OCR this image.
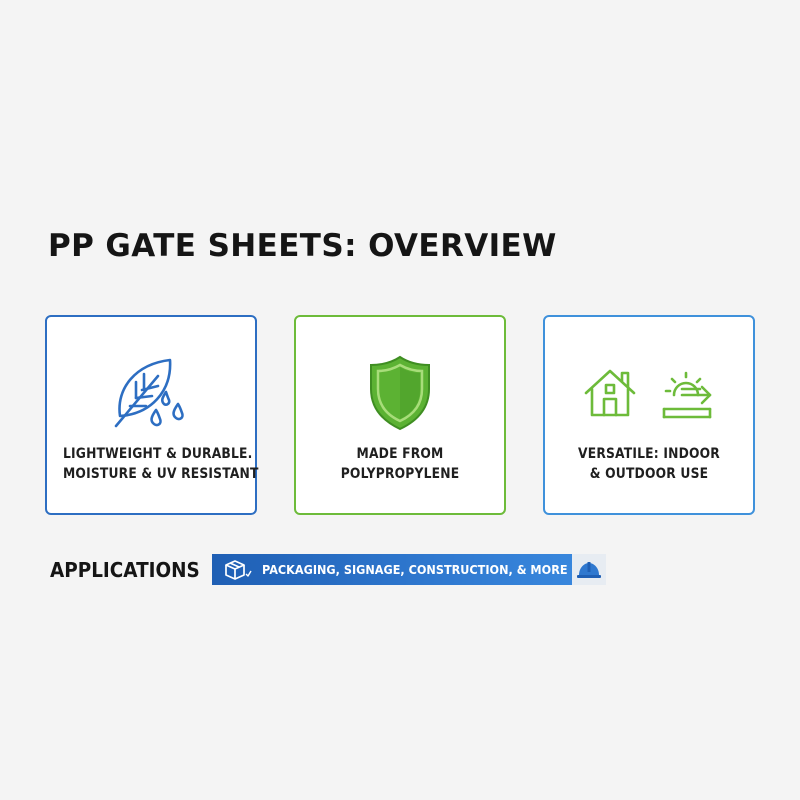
PP GATE SHEETS: OVERVIEW
LIGHTWEIGHT & DURABLE.
MOISTURE & UV RESISTANT
MADE FROM
POLYPROPYLENE
VERSATILE: INDOOR
& OUTDOOR USE
APPLICATIONS	PACKAGING, SIGNAGE, CONSTRUCTION, & MORE
